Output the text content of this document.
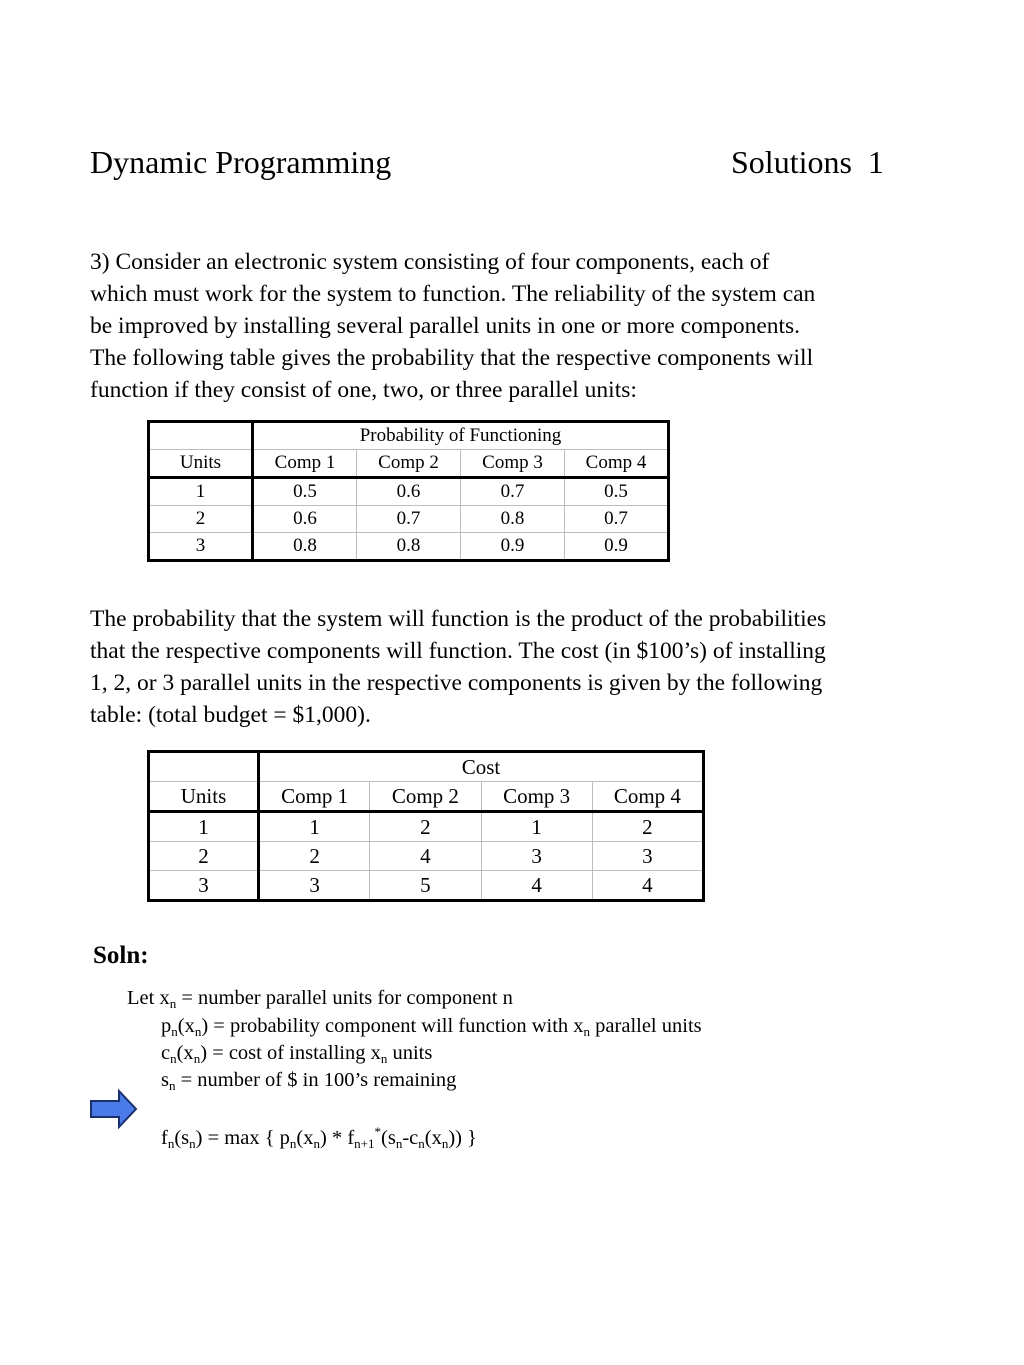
Dynamic Programming	Solutions 1
3) Consider an electronic system consisting of four components, each of
which must work for the system to function. The reliability of the system can
be improved by installing several parallel units in one or more components.
The following table gives the probability that the respective components will
function if they consist of one, two, or three parallel units:
	Probability of Functioning			
Units	Comp 1	Comp 2	Comp 3	Comp 4
1	0.5	0.6	0.7	0.5
2	0.6	0.7	0.8	0.7
3	0.8	0.8	0.9	0.9
The probability that the system will function is the product of the probabilities
that the respective components will function. The cost (in $100’s) of installing
1, 2, or 3 parallel units in the respective components is given by the following
table: (total budget = $1,000).
	Cost			
Units	Comp 1	Comp 2	Comp 3	Comp 4
1	1	2	1	2
2	2	4	3	3
3	3	5	4	4
Soln:
Let $x_n$ = number parallel units for component n
$p_n(x_n)$ = probability component will function with $x_n$ parallel units
$c_n(x_n) = \cos t$ of installing $x_n$ units
$s_n$ = number of $ in 100’s remaining
$f_n(s_n) = \max$ { $p_n(x_n) * f_{n+1}^*(s_n-c_n(x_n))$ }
